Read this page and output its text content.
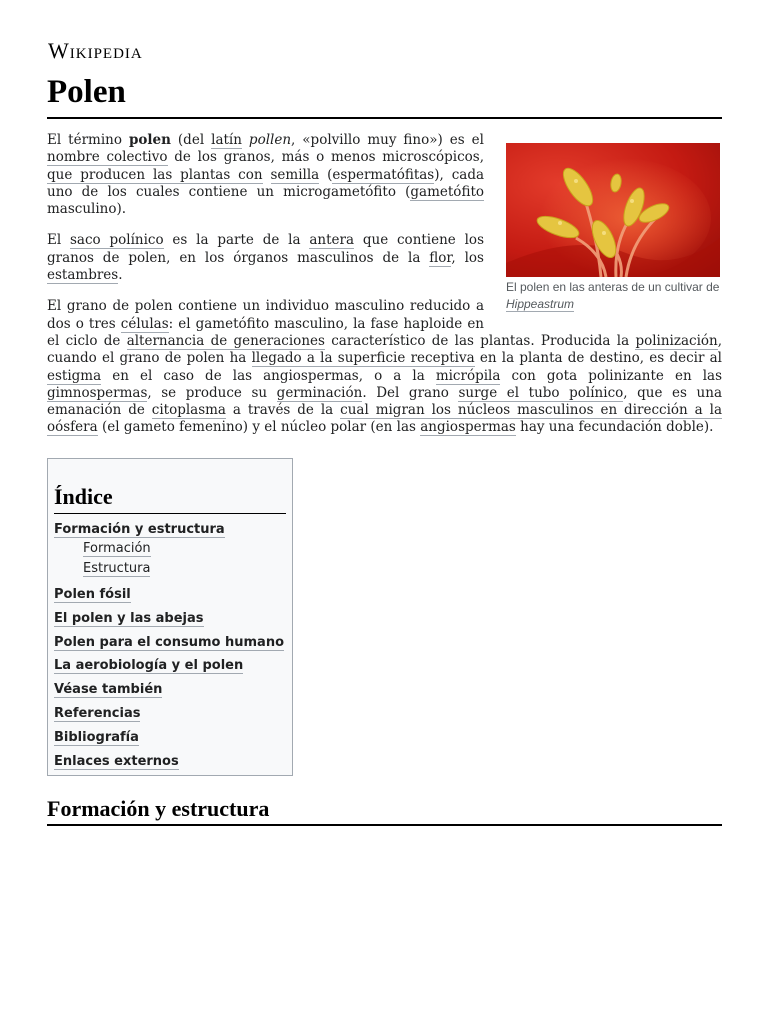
Wikipedia
Polen
El polen en las anteras de un cultivar de Hippeastrum

El término polen (del latín pollen, «polvillo muy fino») es el nombre colectivo de los granos, más o menos microscópicos, que producen las plantas con semilla (espermatófitas), cada uno de los cuales contiene un microgametófito (gametófito masculino).

El saco polínico es la parte de la antera que contiene los granos de polen, en los órganos masculinos de la flor, los estambres.

El grano de polen contiene un individuo masculino reducido a dos o tres células: el gametófito masculino, la fase haploide en el ciclo de alternancia de generaciones característico de las plantas. Producida la polinización, cuando el grano de polen ha llegado a la superficie receptiva en la planta de destino, es decir al estigma en el caso de las angiospermas, o a la micrópila con gota polinizante en las gimnospermas, se produce su germinación. Del grano surge el tubo polínico, que es una emanación de citoplasma a través de la cual migran los núcleos masculinos en dirección a la oósfera (el gameto femenino) y el núcleo polar (en las angiospermas hay una fecundación doble).

Índice
Formación y estructura
Formación
Estructura
Polen fósil
El polen y las abejas
Polen para el consumo humano
La aerobiología y el polen
Véase también
Referencias
Bibliografía
Enlaces externos
Formación y estructura
